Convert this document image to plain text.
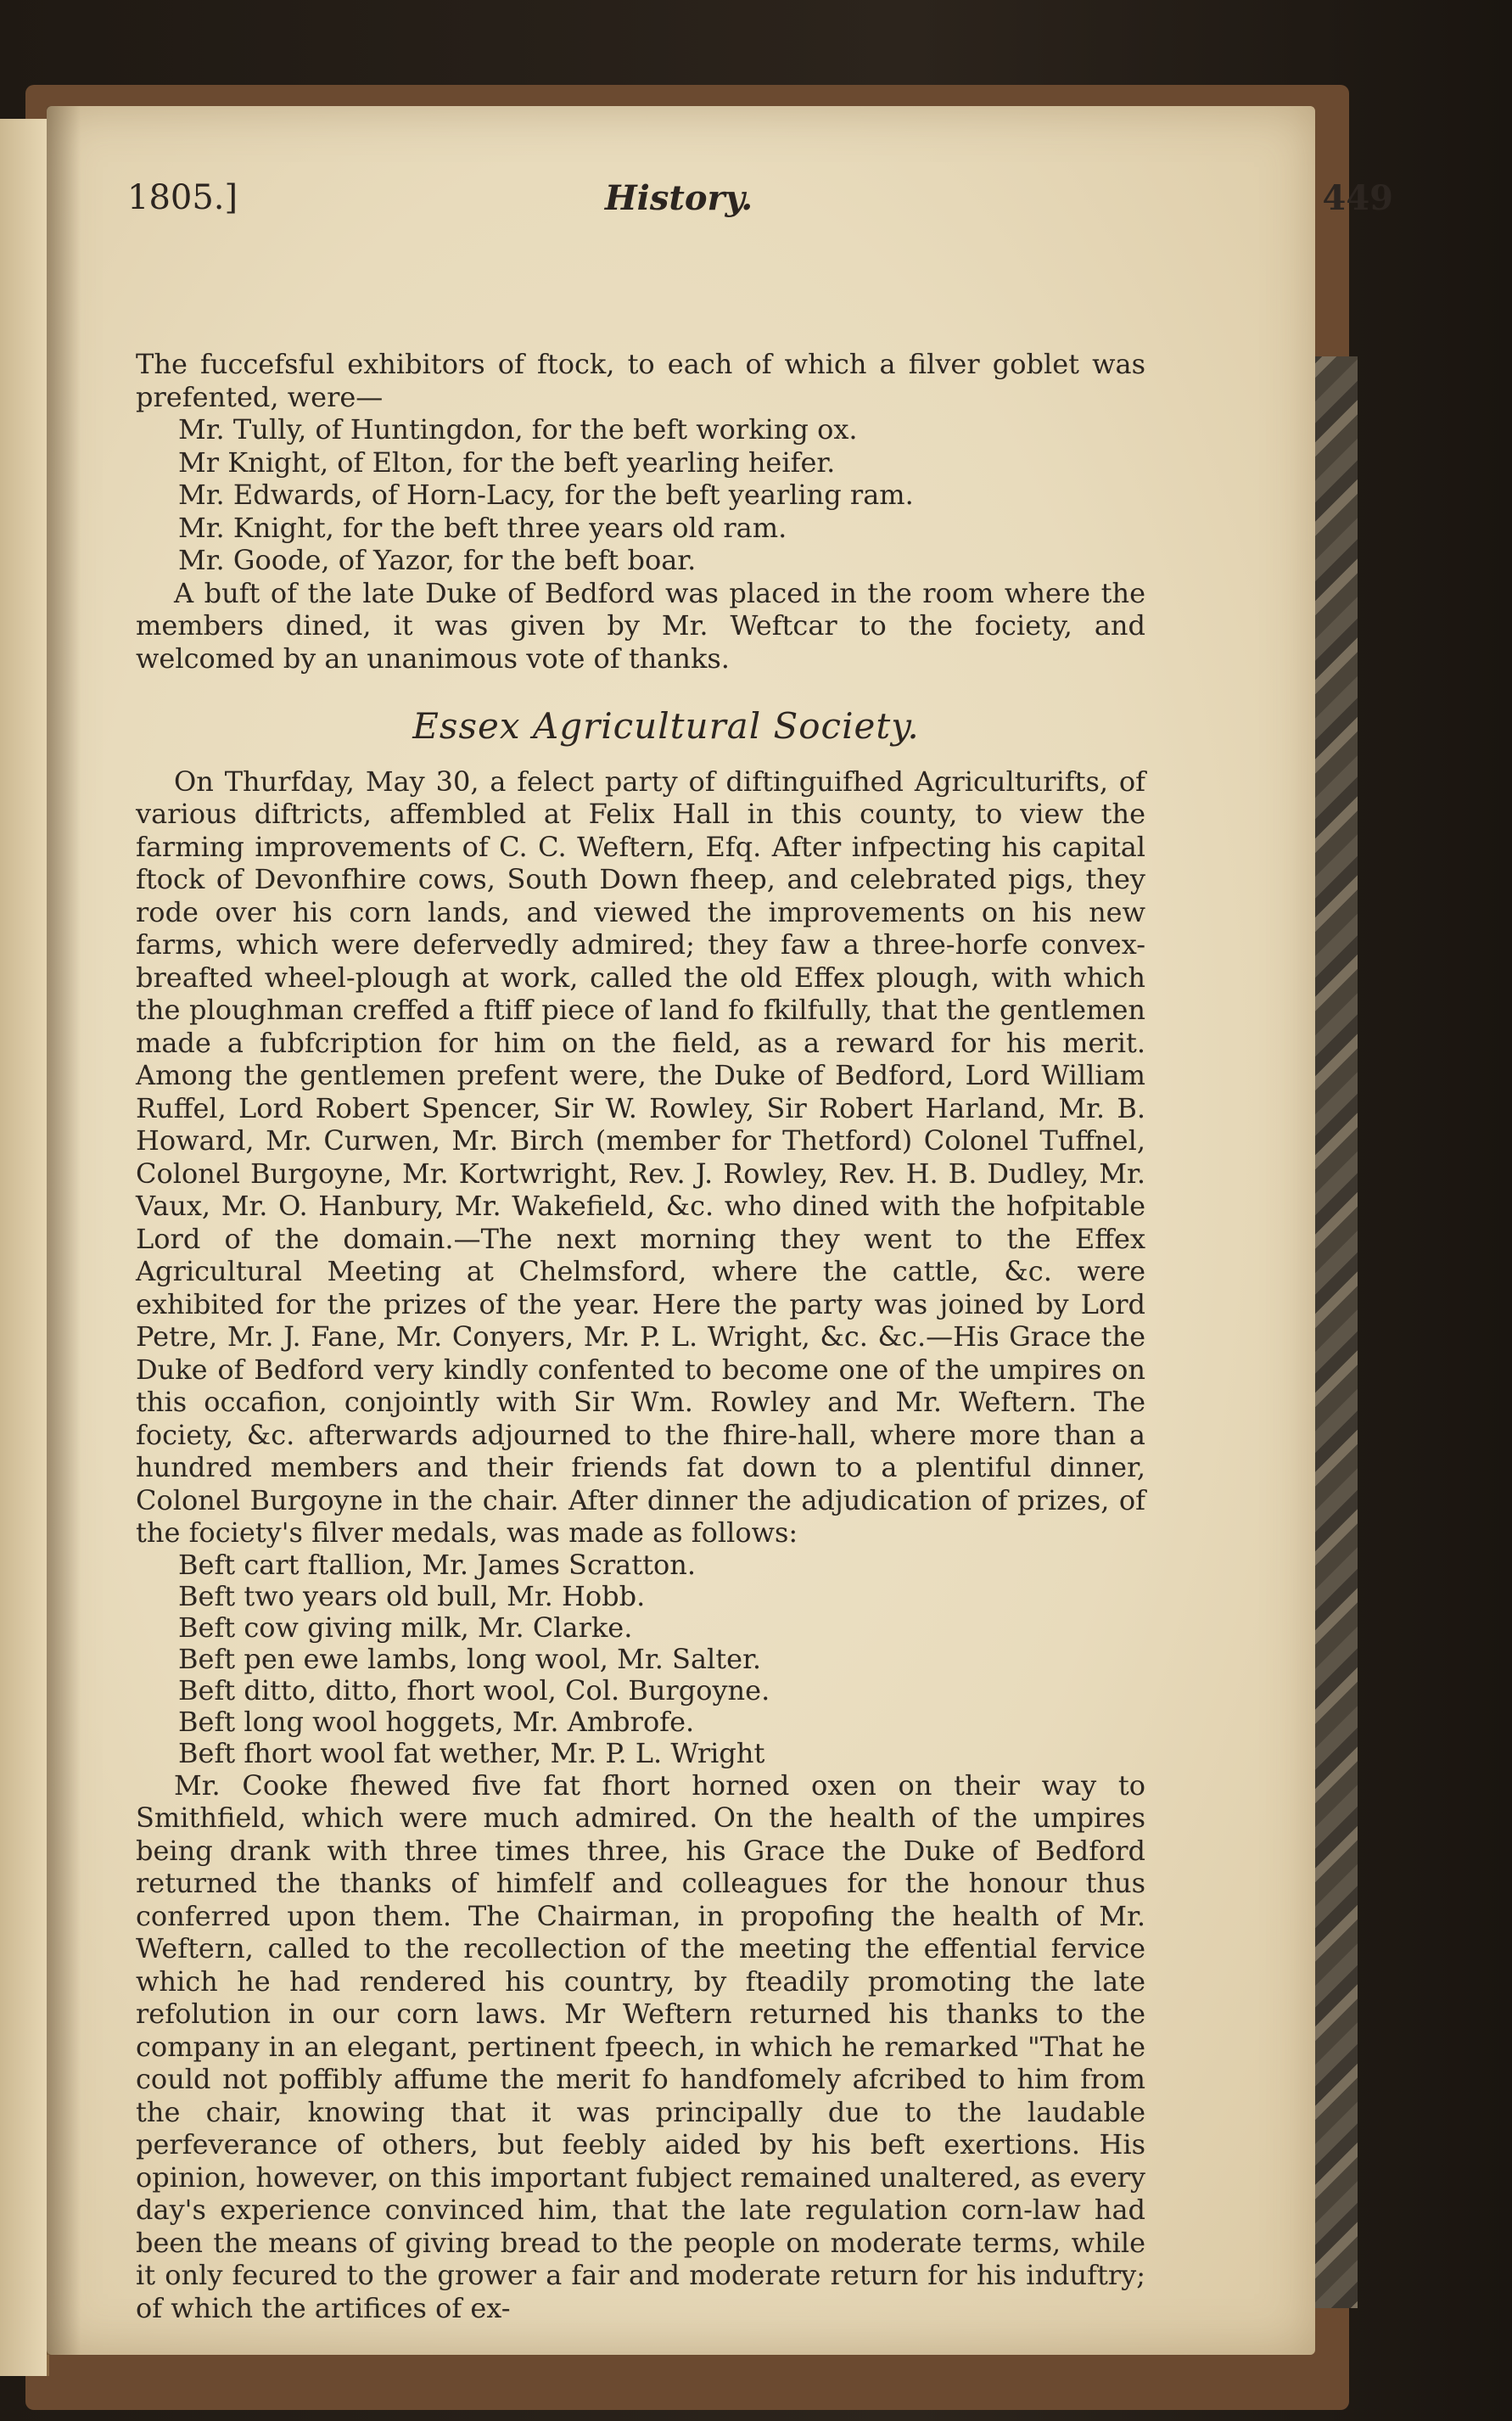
1805.]	History.	449

The fuccefsful exhibitors of ftock, to each of which a filver goblet was prefented, were—

Mr. Tully, of Huntingdon, for the beft working ox.

Mr Knight, of Elton, for the beft yearling heifer.

Mr. Edwards, of Horn-Lacy, for the beft yearling ram.

Mr. Knight, for the beft three years old ram.

Mr. Goode, of Yazor, for the beft boar.

A buft of the late Duke of Bedford was placed in the room where the members dined, it was given by Mr. Weftcar to the fociety, and welcomed by an unanimous vote of thanks.

Essex Agricultural Society.

On Thurfday, May 30, a felect party of diftinguifhed Agriculturifts, of various diftricts, affembled at Felix Hall in this county, to view the farming improvements of C. C. Weftern, Efq. After infpecting his capital ftock of Devonfhire cows, South Down fheep, and celebrated pigs, they rode over his corn lands, and viewed the improvements on his new farms, which were defervedly admired; they faw a three-horfe convex-breafted wheel-plough at work, called the old Effex plough, with which the ploughman creffed a ftiff piece of land fo fkilfully, that the gentlemen made a fubfcription for him on the field, as a reward for his merit. Among the gentlemen prefent were, the Duke of Bedford, Lord William Ruffel, Lord Robert Spencer, Sir W. Rowley, Sir Robert Harland, Mr. B. Howard, Mr. Curwen, Mr. Birch (member for Thetford) Colonel Tuffnel, Colonel Burgoyne, Mr. Kortwright, Rev. J. Rowley, Rev. H. B. Dudley, Mr. Vaux, Mr. O. Hanbury, Mr. Wakefield, &c. who dined with the hofpitable Lord of the domain.—The next morning they went to the Effex Agricultural Meeting at Chelmsford, where the cattle, &c. were exhibited for the prizes of the year. Here the party was joined by Lord Petre, Mr. J. Fane, Mr. Conyers, Mr. P. L. Wright, &c. &c.—His Grace the Duke of Bedford very kindly confented to become one of the umpires on this occafion, conjointly with Sir Wm. Rowley and Mr. Weftern. The fociety, &c. afterwards adjourned to the fhire-hall, where more than a hundred members and their friends fat down to a plentiful dinner, Colonel Burgoyne in the chair. After dinner the adjudication of prizes, of the fociety's filver medals, was made as follows:

Beft cart ftallion, Mr. James Scratton.

Beft two years old bull, Mr. Hobb.

Beft cow giving milk, Mr. Clarke.

Beft pen ewe lambs, long wool, Mr. Salter.

Beft ditto, ditto, fhort wool, Col. Burgoyne.

Beft long wool hoggets, Mr. Ambrofe.

Beft fhort wool fat wether, Mr. P. L. Wright

Mr. Cooke fhewed five fat fhort horned oxen on their way to Smithfield, which were much admired. On the health of the umpires being drank with three times three, his Grace the Duke of Bedford returned the thanks of himfelf and colleagues for the honour thus conferred upon them. The Chairman, in propofing the health of Mr. Weftern, called to the recollection of the meeting the effential fervice which he had rendered his country, by fteadily promoting the late refolution in our corn laws. Mr Weftern returned his thanks to the company in an elegant, pertinent fpeech, in which he remarked "That he could not poffibly affume the merit fo handfomely afcribed to him from the chair, knowing that it was principally due to the laudable perfeverance of others, but feebly aided by his beft exertions. His opinion, however, on this important fubject remained unaltered, as every day's experience convinced him, that the late regulation corn-law had been the means of giving bread to the people on moderate terms, while it only fecured to the grower a fair and moderate return for his induftry; of which the artifices of ex-
